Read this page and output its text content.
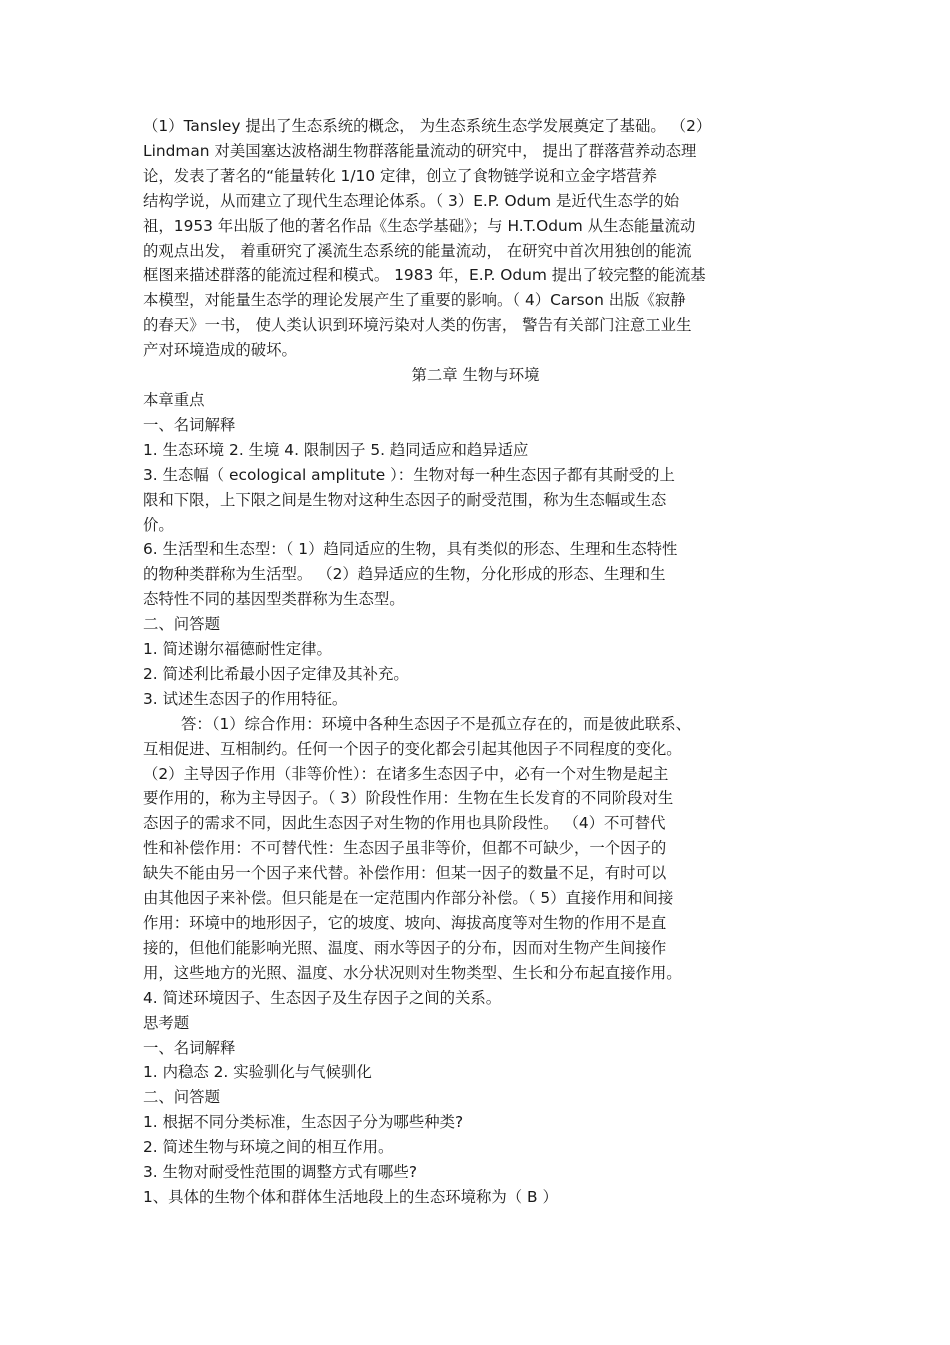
（1）Tansley 提出了生态系统的概念， 为生态系统生态学发展奠定了基础。 （2）
Lindman 对美国塞达波格湖生物群落能量流动的研究中， 提出了群落营养动态理
论，发表了著名的“能量转化 1/10 定律，创立了食物链学说和立金字塔营养
结构学说，从而建立了现代生态理论体系。（ 3）E.P. Odum 是近代生态学的始
祖，1953 年出版了他的著名作品《生态学基础》；与 H.T.Odum 从生态能量流动
的观点出发， 着重研究了溪流生态系统的能量流动， 在研究中首次用独创的能流
框图来描述群落的能流过程和模式。 1983 年，E.P. Odum 提出了较完整的能流基
本模型，对能量生态学的理论发展产生了重要的影响。（ 4）Carson 出版《寂静
的春天》一书， 使人类认识到环境污染对人类的伤害， 警告有关部门注意工业生
产对环境造成的破坏。
第二章 生物与环境
本章重点
一、名词解释
1. 生态环境 2. 生境 4. 限制因子 5. 趋同适应和趋异适应
3. 生态幅（ ecological amplitute ）：生物对每一种生态因子都有其耐受的上
限和下限，上下限之间是生物对这种生态因子的耐受范围，称为生态幅或生态
价。
6. 生活型和生态型：（ 1）趋同适应的生物，具有类似的形态、生理和生态特性
的物种类群称为生活型。 （2）趋异适应的生物，分化形成的形态、生理和生
态特性不同的基因型类群称为生态型。
二、问答题
1. 简述谢尔福德耐性定律。
2. 简述利比希最小因子定律及其补充。
3. 试述生态因子的作用特征。
答：（1）综合作用：环境中各种生态因子不是孤立存在的，而是彼此联系、
互相促进、互相制约。任何一个因子的变化都会引起其他因子不同程度的变化。
（2）主导因子作用（非等价性）：在诸多生态因子中，必有一个对生物是起主
要作用的，称为主导因子。（ 3）阶段性作用：生物在生长发育的不同阶段对生
态因子的需求不同，因此生态因子对生物的作用也具阶段性。 （4）不可替代
性和补偿作用：不可替代性：生态因子虽非等价，但都不可缺少，一个因子的
缺失不能由另一个因子来代替。补偿作用：但某一因子的数量不足，有时可以
由其他因子来补偿。但只能是在一定范围内作部分补偿。（ 5）直接作用和间接
作用：环境中的地形因子，它的坡度、坡向、海拔高度等对生物的作用不是直
接的，但他们能影响光照、温度、雨水等因子的分布，因而对生物产生间接作
用，这些地方的光照、温度、水分状况则对生物类型、生长和分布起直接作用。
4. 简述环境因子、生态因子及生存因子之间的关系。
思考题
一、名词解释
1. 内稳态 2. 实验驯化与气候驯化
二、问答题
1. 根据不同分类标准，生态因子分为哪些种类?
2. 简述生物与环境之间的相互作用。
3. 生物对耐受性范围的调整方式有哪些?
1、具体的生物个体和群体生活地段上的生态环境称为（ B ）
